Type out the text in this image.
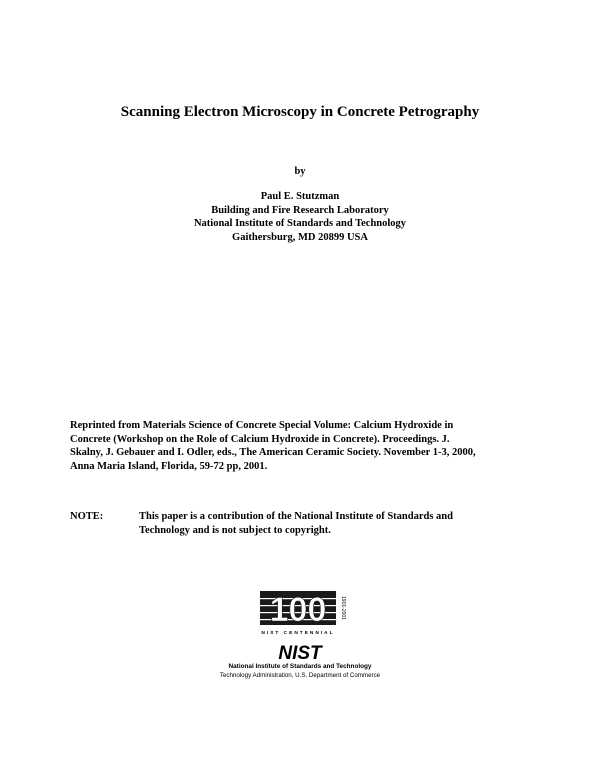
Scanning Electron Microscopy in Concrete Petrography
by
Paul E. Stutzman
Building and Fire Research Laboratory
National Institute of Standards and Technology
Gaithersburg, MD 20899 USA
Reprinted from Materials Science of Concrete Special Volume: Calcium Hydroxide in
Concrete (Workshop on the Role of Calcium Hydroxide in Concrete). Proceedings. J.
Skalny, J. Gebauer and I. Odler, eds., The American Ceramic Society. November 1-3, 2000,
Anna Maria Island, Florida, 59-72 pp, 2001.
NOTE:	This paper is a contribution of the National Institute of Standards and
Technology and is not subject to copyright.
100	1901-2001
NIST CENTENNIAL
NIST
National Institute of Standards and Technology
Technology Administration, U.S. Department of Commerce
